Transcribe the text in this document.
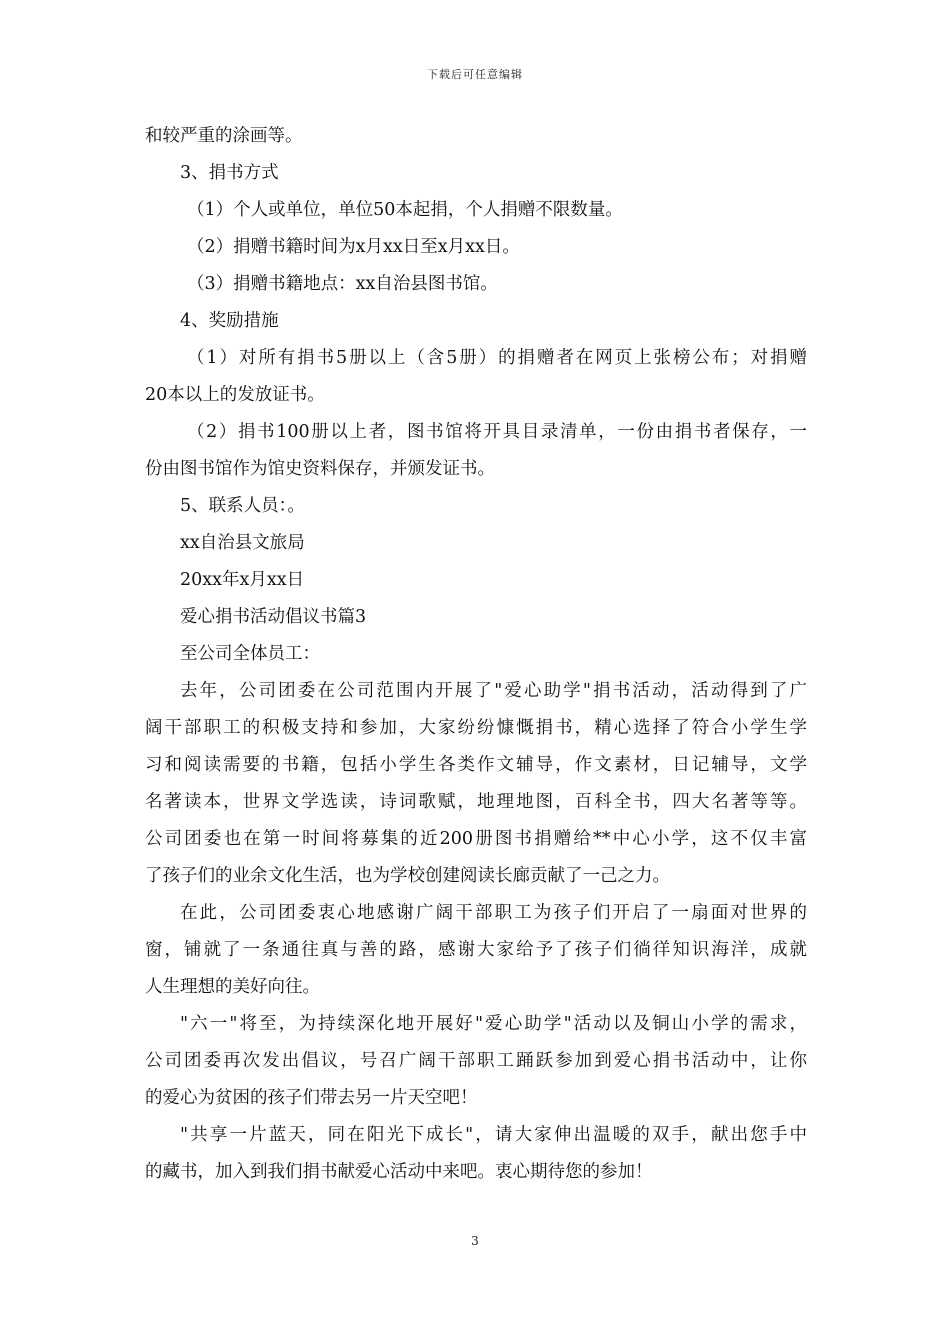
下载后可任意编辑
和较严重的涂画等。
3、捐书方式
（1）个人或单位，单位50本起捐，个人捐赠不限数量。
（2）捐赠书籍时间为x月xx日至x月xx日。
（3）捐赠书籍地点：xx自治县图书馆。
4、奖励措施
（1）对所有捐书5册以上（含5册）的捐赠者在网页上张榜公布；对捐赠
20本以上的发放证书。
（2）捐书100册以上者，图书馆将开具目录清单，一份由捐书者保存，一
份由图书馆作为馆史资料保存，并颁发证书。
5、联系人员：。
xx自治县文旅局
20xx年x月xx日
爱心捐书活动倡议书篇3
至公司全体员工：
去年，公司团委在公司范围内开展了"爱心助学"捐书活动，活动得到了广
阔干部职工的积极支持和参加，大家纷纷慷慨捐书，精心选择了符合小学生学
习和阅读需要的书籍，包括小学生各类作文辅导，作文素材，日记辅导，文学
名著读本，世界文学选读，诗词歌赋，地理地图，百科全书，四大名著等等。
公司团委也在第一时间将募集的近200册图书捐赠给**中心小学，这不仅丰富
了孩子们的业余文化生活，也为学校创建阅读长廊贡献了一己之力。
在此，公司团委衷心地感谢广阔干部职工为孩子们开启了一扇面对世界的
窗，铺就了一条通往真与善的路，感谢大家给予了孩子们徜徉知识海洋，成就
人生理想的美好向往。
"六一"将至，为持续深化地开展好"爱心助学"活动以及铜山小学的需求，
公司团委再次发出倡议，号召广阔干部职工踊跃参加到爱心捐书活动中，让你
的爱心为贫困的孩子们带去另一片天空吧！
"共享一片蓝天，同在阳光下成长"，请大家伸出温暖的双手，献出您手中
的藏书，加入到我们捐书献爱心活动中来吧。衷心期待您的参加！
3
